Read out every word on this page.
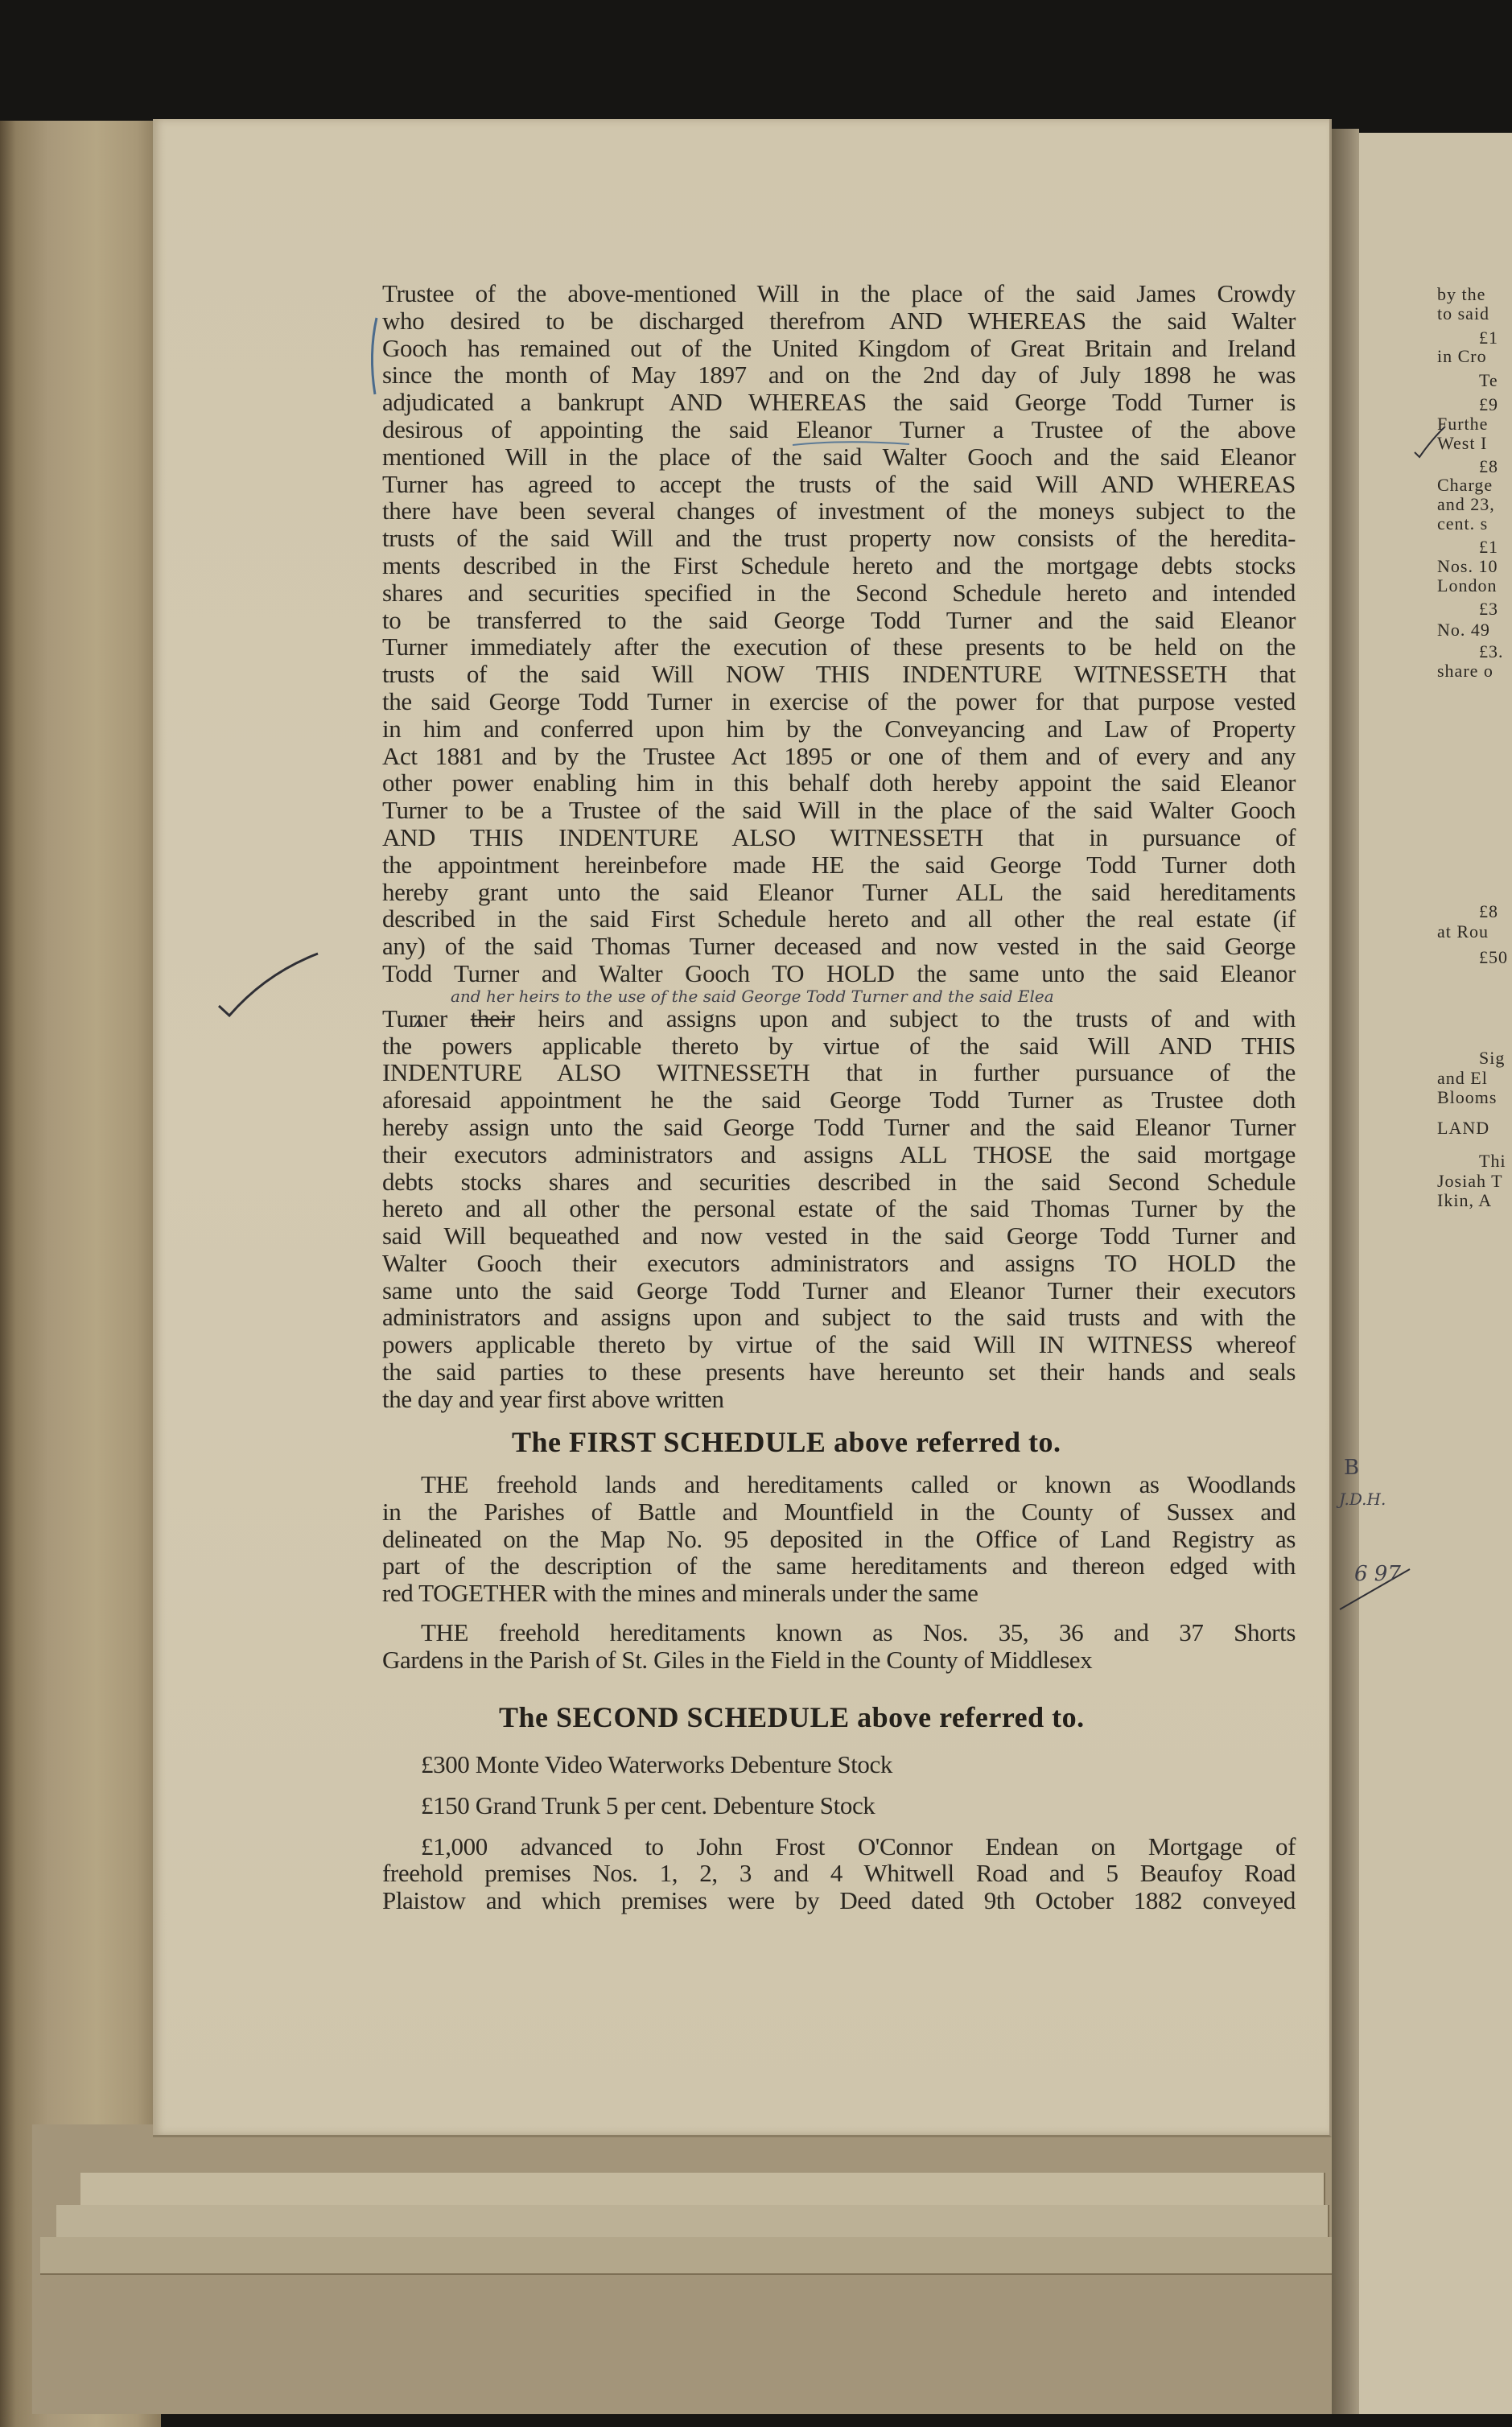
Trustee of the above-mentioned Will in the place of the said James Crowdy
who desired to be discharged therefrom AND WHEREAS the said Walter
Gooch has remained out of the United Kingdom of Great Britain and Ireland
since the month of May 1897 and on the 2nd day of July 1898 he was
adjudicated a bankrupt AND WHEREAS the said George Todd Turner is
desirous of appointing the said Eleanor Turner a Trustee of the above
mentioned Will in the place of the said Walter Gooch and the said Eleanor
Turner has agreed to accept the trusts of the said Will AND WHEREAS
there have been several changes of investment of the moneys subject to the
trusts of the said Will and the trust property now consists of the heredita-
ments described in the First Schedule hereto and the mortgage debts stocks
shares and securities specified in the Second Schedule hereto and intended
to be transferred to the said George Todd Turner and the said Eleanor
Turner immediately after the execution of these presents to be held on the
trusts of the said Will NOW THIS INDENTURE WITNESSETH that
the said George Todd Turner in exercise of the power for that purpose vested
in him and conferred upon him by the Conveyancing and Law of Property
Act 1881 and by the Trustee Act 1895 or one of them and of every and any
other power enabling him in this behalf doth hereby appoint the said Eleanor
Turner to be a Trustee of the said Will in the place of the said Walter Gooch
AND THIS INDENTURE ALSO WITNESSETH that in pursuance of
the appointment hereinbefore made HE the said George Todd Turner doth
hereby grant unto the said Eleanor Turner ALL the said hereditaments
described in the said First Schedule hereto and all other the real estate (if
any) of the said Thomas Turner deceased and now vested in the said George
Todd Turner and Walter Gooch TO HOLD the same unto the said Eleanor
Turner their heirs and assigns upon and subject to the trusts of and with
the powers applicable thereto by virtue of the said Will AND THIS
INDENTURE ALSO WITNESSETH that in further pursuance of the
aforesaid appointment he the said George Todd Turner as Trustee doth
hereby assign unto the said George Todd Turner and the said Eleanor Turner
their executors administrators and assigns ALL THOSE the said mortgage
debts stocks shares and securities described in the said Second Schedule
hereto and all other the personal estate of the said Thomas Turner by the
said Will bequeathed and now vested in the said George Todd Turner and
Walter Gooch their executors administrators and assigns TO HOLD the
same unto the said George Todd Turner and Eleanor Turner their executors
administrators and assigns upon and subject to the said trusts and with the
powers applicable thereto by virtue of the said Will IN WITNESS whereof
the said parties to these presents have hereunto set their hands and seals
the day and year first above written
and her heirs to the use of the said George Todd Turner and the said Elea
The FIRST SCHEDULE above referred to.
THE freehold lands and hereditaments called or known as Woodlands
in the Parishes of Battle and Mountfield in the County of Sussex and
delineated on the Map No. 95 deposited in the Office of Land Registry as
part of the description of the same hereditaments and thereon edged with
red TOGETHER with the mines and minerals under the same
THE freehold hereditaments known as Nos. 35, 36 and 37 Shorts
Gardens in the Parish of St. Giles in the Field in the County of Middlesex
The SECOND SCHEDULE above referred to.
£300 Monte Video Waterworks Debenture Stock
£150 Grand Trunk 5 per cent. Debenture Stock
£1,000 advanced to John Frost O'Connor Endean on Mortgage of
freehold premises Nos. 1, 2, 3 and 4 Whitwell Road and 5 Beaufoy Road
Plaistow and which premises were by Deed dated 9th October 1882 conveyed
by the
to said
£1
in Cro
Te
£9
Furthe
West I
£8
Charge
and 23,
cent. s
£1
Nos. 10
London
£3
No. 49
£3.
share o
£8
at Rou
£50
Sig
and El
Blooms
LAND
Thi
Josiah T
Ikin, A
B
J.D.H.
6 97
